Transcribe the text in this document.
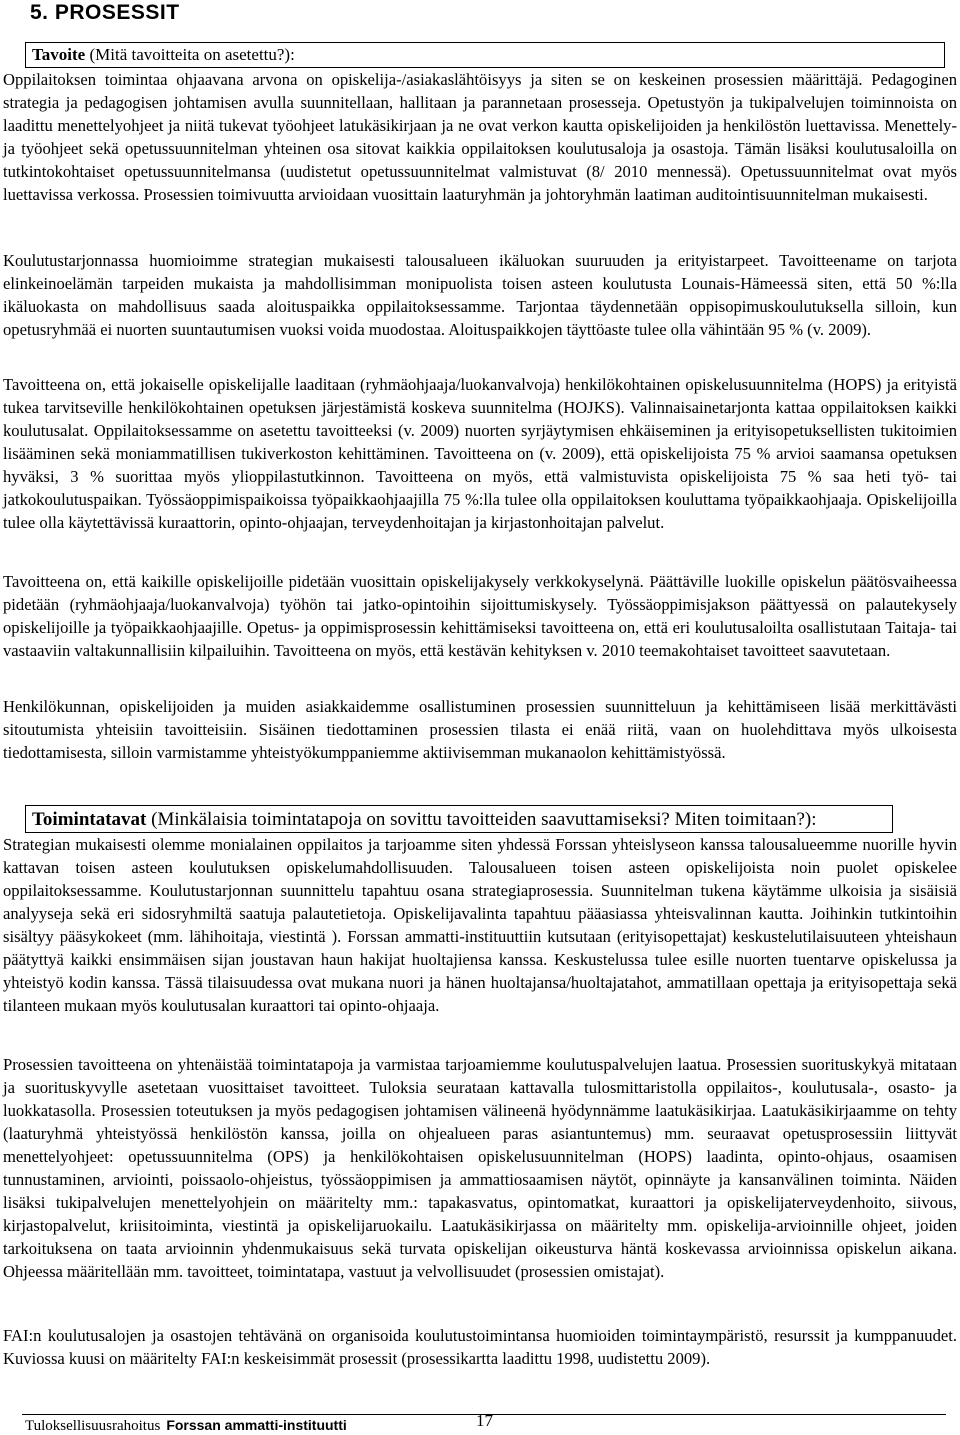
5. PROSESSIT
Tavoite (Mitä tavoitteita on asetettu?):

Oppilaitoksen toimintaa ohjaavana arvona on opiskelija-/asiakaslähtöisyys ja siten se on keskeinen prosessien määrittäjä. Pedagoginen strategia ja pedagogisen johtamisen avulla suunnitellaan, hallitaan ja parannetaan prosesseja. Opetustyön ja tukipalvelujen toiminnoista on laadittu menettelyohjeet ja niitä tukevat työohjeet latukäsikirjaan ja ne ovat verkon kautta opiskelijoiden ja henkilöstön luettavissa. Menettely- ja työohjeet sekä opetussuunnitelman yhteinen osa sitovat kaikkia oppilaitoksen koulutusaloja ja osastoja. Tämän lisäksi koulutusaloilla on tutkintokohtaiset opetussuunnitelmansa (uudistetut opetussuunnitelmat valmistuvat (8/ 2010 mennessä). Opetussuunnitelmat ovat myös luettavissa verkossa. Prosessien toimivuutta arvioidaan vuosittain laaturyhmän ja johtoryhmän laatiman auditointisuunnitelman mukaisesti.

Koulutustarjonnassa huomioimme strategian mukaisesti talousalueen ikäluokan suuruuden ja erityistarpeet. Tavoitteename on tarjota elinkeinoelämän tarpeiden mukaista ja mahdollisimman monipuolista toisen asteen koulutusta Lounais-Hämeessä siten, että 50 %:lla ikäluokasta on mahdollisuus saada aloituspaikka oppilaitoksessamme. Tarjontaa täydennetään oppisopimuskoulutuksella silloin, kun opetusryhmää ei nuorten suuntautumisen vuoksi voida muodostaa. Aloituspaikkojen täyttöaste tulee olla vähintään 95 % (v. 2009).

Tavoitteena on, että jokaiselle opiskelijalle laaditaan (ryhmäohjaaja/luokanvalvoja) henkilökohtainen opiskelusuunnitelma (HOPS) ja erityistä tukea tarvitseville henkilökohtainen opetuksen järjestämistä koskeva suunnitelma (HOJKS). Valinnaisainetarjonta kattaa oppilaitoksen kaikki koulutusalat. Oppilaitoksessamme on asetettu tavoitteeksi (v. 2009) nuorten syrjäytymisen ehkäiseminen ja erityisopetuksellisten tukitoimien lisääminen sekä moniammatillisen tukiverkoston kehittäminen. Tavoitteena on (v. 2009), että opiskelijoista 75 % arvioi saamansa opetuksen hyväksi, 3 % suorittaa myös ylioppilastutkinnon. Tavoitteena on myös, että valmistuvista opiskelijoista 75 % saa heti työ- tai jatkokoulutuspaikan. Työssäoppimispaikoissa työpaikkaohjaajilla 75 %:lla tulee olla oppilaitoksen kouluttama työpaikkaohjaaja. Opiskelijoilla tulee olla käytettävissä kuraattorin, opinto-ohjaajan, terveydenhoitajan ja kirjastonhoitajan palvelut.

Tavoitteena on, että kaikille opiskelijoille pidetään vuosittain opiskelijakysely verkkokyselynä. Päättäville luokille opiskelun päätösvaiheessa pidetään (ryhmäohjaaja/luokanvalvoja) työhön tai jatko-opintoihin sijoittumiskysely. Työssäoppimisjakson päättyessä on palautekysely opiskelijoille ja työpaikkaohjaajille. Opetus- ja oppimisprosessin kehittämiseksi tavoitteena on, että eri koulutusaloilta osallistutaan Taitaja- tai vastaaviin valtakunnallisiin kilpailuihin. Tavoitteena on myös, että kestävän kehityksen v. 2010 teemakohtaiset tavoitteet saavutetaan.

Henkilökunnan, opiskelijoiden ja muiden asiakkaidemme osallistuminen prosessien suunnitteluun ja kehittämiseen lisää merkittävästi sitoutumista yhteisiin tavoitteisiin. Sisäinen tiedottaminen prosessien tilasta ei enää riitä, vaan on huolehdittava myös ulkoisesta tiedottamisesta, silloin varmistamme yhteistyökumppaniemme aktiivisemman mukanaolon kehittämistyössä.

Toimintatavat (Minkälaisia toimintatapoja on sovittu tavoitteiden saavuttamiseksi? Miten toimitaan?):

Strategian mukaisesti olemme monialainen oppilaitos ja tarjoamme siten yhdessä Forssan yhteislyseon kanssa talousalueemme nuorille hyvin kattavan toisen asteen koulutuksen opiskelumahdollisuuden. Talousalueen toisen asteen opiskelijoista noin puolet opiskelee oppilaitoksessamme. Koulutustarjonnan suunnittelu tapahtuu osana strategiaprosessia. Suunnitelman tukena käytämme ulkoisia ja sisäisiä analyyseja sekä eri sidosryhmiltä saatuja palautetietoja. Opiskelijavalinta tapahtuu pääasiassa yhteisvalinnan kautta. Joihinkin tutkintoihin sisältyy pääsykokeet (mm. lähihoitaja, viestintä ). Forssan ammatti-instituuttiin kutsutaan (erityisopettajat) keskustelutilaisuuteen yhteishaun päätyttyä kaikki ensimmäisen sijan joustavan haun hakijat huoltajiensa kanssa. Keskustelussa tulee esille nuorten tuentarve opiskelussa ja yhteistyö kodin kanssa. Tässä tilaisuudessa ovat mukana nuori ja hänen huoltajansa/huoltajatahot, ammatillaan opettaja ja erityisopettaja sekä tilanteen mukaan myös koulutusalan kuraattori tai opinto-ohjaaja.

Prosessien tavoitteena on yhtenäistää toimintatapoja ja varmistaa tarjoamiemme koulutuspalvelujen laatua. Prosessien suorituskykyä mitataan ja suorituskyvylle asetetaan vuosittaiset tavoitteet. Tuloksia seurataan kattavalla tulosmittaristolla oppilaitos-, koulutusala-, osasto- ja luokkatasolla. Prosessien toteutuksen ja myös pedagogisen johtamisen välineenä hyödynnämme laatukäsikirjaa. Laatukäsikirjaamme on tehty (laaturyhmä yhteistyössä henkilöstön kanssa, joilla on ohjealueen paras asiantuntemus) mm. seuraavat opetusprosessiin liittyvät menettelyohjeet: opetussuunnitelma (OPS) ja henkilökohtaisen opiskelusuunnitelman (HOPS) laadinta, opinto-ohjaus, osaamisen tunnustaminen, arviointi, poissaolo-ohjeistus, työssäoppimisen ja ammattiosaamisen näytöt, opinnäyte ja kansanvälinen toiminta. Näiden lisäksi tukipalvelujen menettelyohjein on määritelty mm.: tapakasvatus, opintomatkat, kuraattori ja opiskelijaterveydenhoito, siivous, kirjastopalvelut, kriisitoiminta, viestintä ja opiskelijaruokailu. Laatukäsikirjassa on määritelty mm. opiskelija-arvioinnille ohjeet, joiden tarkoituksena on taata arvioinnin yhdenmukaisuus sekä turvata opiskelijan oikeusturva häntä koskevassa arvioinnissa opiskelun aikana. Ohjeessa määritellään mm. tavoitteet, toimintatapa, vastuut ja velvollisuudet (prosessien omistajat).

FAI:n koulutusalojen ja osastojen tehtävänä on organisoida koulutustoimintansa huomioiden toimintaympäristö, resurssit ja kumppanuudet. Kuviossa kuusi on määritelty FAI:n keskeisimmät prosessit (prosessikartta laadittu 1998, uudistettu 2009).

17
Tuloksellisuusrahoitus Forssan ammatti-instituutti
